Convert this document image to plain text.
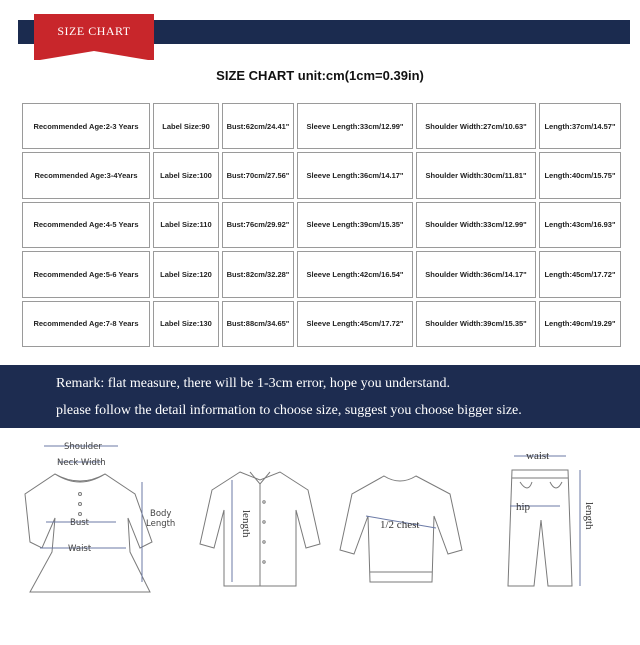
SIZE CHART
SIZE CHART unit:cm(1cm=0.39in)
Recommended Age:2-3 Years	Label Size:90	Bust:62cm/24.41"	Sleeve Length:33cm/12.99"	Shoulder Width:27cm/10.63"	Length:37cm/14.57"
Recommended Age:3-4Years	Label Size:100	Bust:70cm/27.56"	Sleeve Length:36cm/14.17"	Shoulder Width:30cm/11.81"	Length:40cm/15.75"
Recommended Age:4-5 Years	Label Size:110	Bust:76cm/29.92"	Sleeve Length:39cm/15.35"	Shoulder Width:33cm/12.99"	Length:43cm/16.93"
Recommended Age:5-6 Years	Label Size:120	Bust:82cm/32.28"	Sleeve Length:42cm/16.54"	Shoulder Width:36cm/14.17"	Length:45cm/17.72"
Recommended Age:7-8 Years	Label Size:130	Bust:88cm/34.65"	Sleeve Length:45cm/17.72"	Shoulder Width:39cm/15.35"	Length:49cm/19.29"
Remark: flat measure, there will be 1-3cm error, hope you understand.
please follow the detail information to choose size, suggest you choose bigger size.
Shoulder
Neck Width
Bust
Body
Length
Waist
length	1/2 chest
waist
hip	length
